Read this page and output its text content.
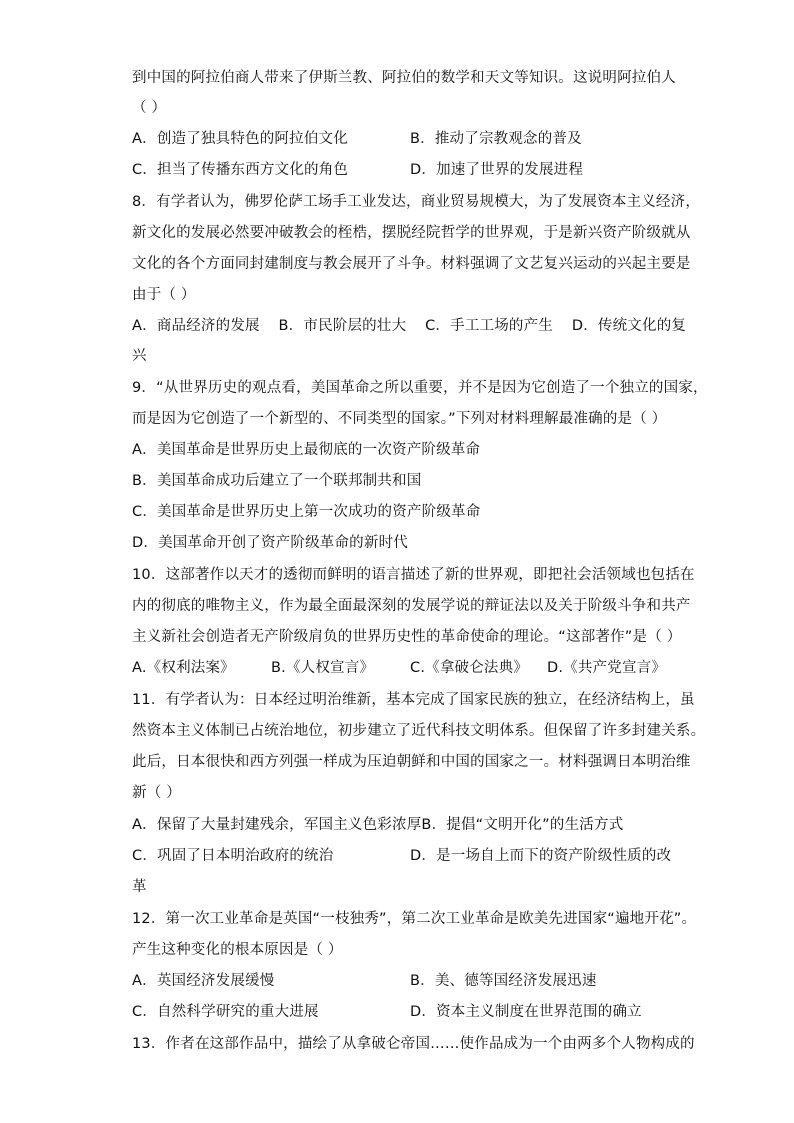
到中国的阿拉伯商人带来了伊斯兰教、阿拉伯的数学和天文等知识。这说明阿拉伯人
（ ）
A．创造了独具特色的阿拉伯文化	B．推动了宗教观念的普及
C．担当了传播东西方文化的角色	D．加速了世界的发展进程
8．有学者认为，佛罗伦萨工场手工业发达，商业贸易规模大，为了发展资本主义经济，
新文化的发展必然要冲破教会的桎梏，摆脱经院哲学的世界观，于是新兴资产阶级就从
文化的各个方面同封建制度与教会展开了斗争。材料强调了文艺复兴运动的兴起主要是
由于（ ）
A．商品经济的发展 B．市民阶层的壮大 C．手工工场的产生 D．传统文化的复
兴
9．“从世界历史的观点看，美国革命之所以重要，并不是因为它创造了一个独立的国家，
而是因为它创造了一个新型的、不同类型的国家。”下列对材料理解最准确的是（ ）
A．美国革命是世界历史上最彻底的一次资产阶级革命
B．美国革命成功后建立了一个联邦制共和国
C．美国革命是世界历史上第一次成功的资产阶级革命
D．美国革命开创了资产阶级革命的新时代
10．这部著作以天才的透彻而鲜明的语言描述了新的世界观，即把社会活领域也包括在
内的彻底的唯物主义，作为最全面最深刻的发展学说的辩证法以及关于阶级斗争和共产
主义新社会创造者无产阶级肩负的世界历史性的革命使命的理论。“这部著作”是（ ）
A.《权利法案》 B.《人权宣言》 C.《拿破仑法典》 D.《共产党宣言》
11．有学者认为：日本经过明治维新，基本完成了国家民族的独立，在经济结构上，虽
然资本主义体制已占统治地位，初步建立了近代科技文明体系。但保留了许多封建关系。
此后，日本很快和西方列强一样成为压迫朝鲜和中国的国家之一。材料强调日本明治维
新（ ）
A．保留了大量封建残余，军国主义色彩浓厚B．提倡“文明开化”的生活方式
C．巩固了日本明治政府的统治	D．是一场自上而下的资产阶级性质的改
革
12．第一次工业革命是英国“一枝独秀”，第二次工业革命是欧美先进国家“遍地开花”。
产生这种变化的根本原因是（ ）
A．英国经济发展缓慢	B．美、德等国经济发展迅速
C．自然科学研究的重大进展	D．资本主义制度在世界范围的确立
13．作者在这部作品中，描绘了从拿破仑帝国……使作品成为一个由两多个人物构成的
